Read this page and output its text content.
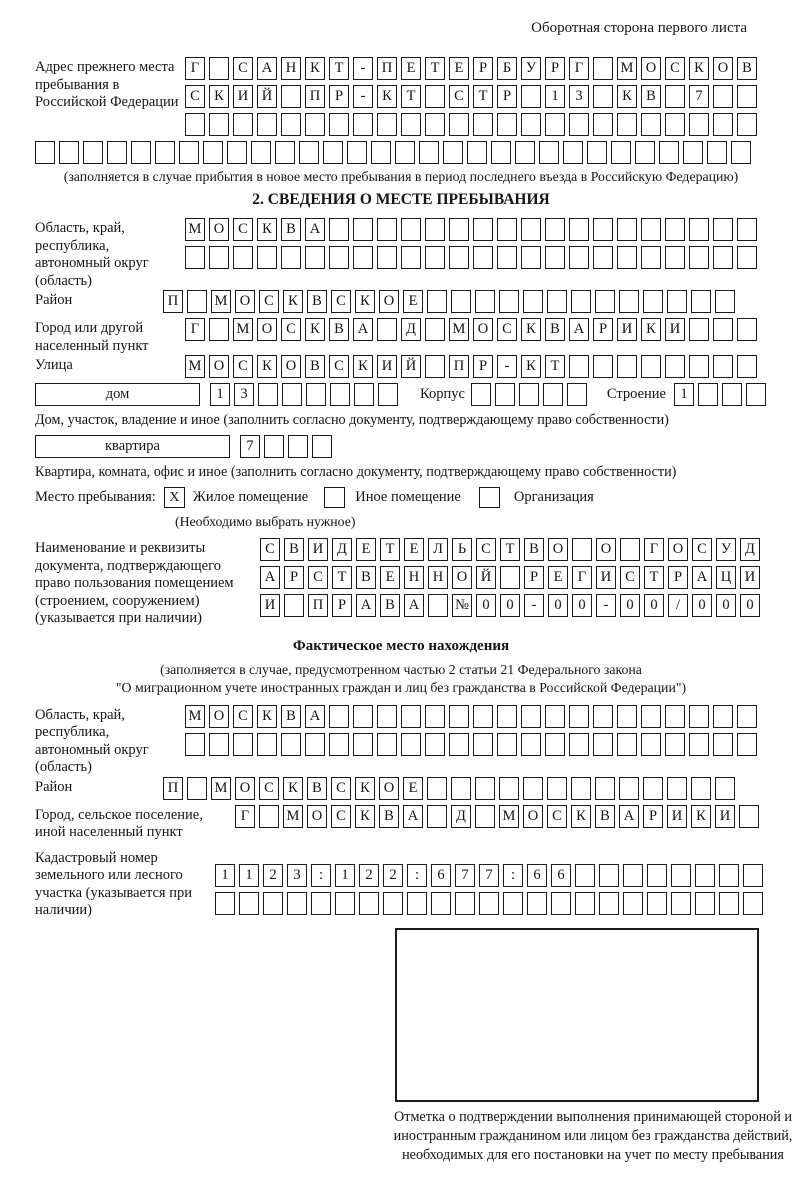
Оборотная сторона первого листа
Адрес прежнего места пребывания в Российской Федерации
Г	С А Н К	Т	-	П Е	Т	Е	Р	Б	У	Р	Г	М О С К О В
С К И Й	П	Р	-	К	Т	С	Т	Р	1	3	К В	7
(заполняется в случае прибытия в новое место пребывания в период последнего въезда в Российскую Федерацию)
2. СВЕДЕНИЯ О МЕСТЕ ПРЕБЫВАНИЯ
Область, край, республика, автономный округ (область)
М О С К В А
Район	П	М О С К В С К О Е
Город или другой населенный пункт
Г	М О С К В А	Д	М О С К В А	Р	И К И
Улица	М О С К О В С К И Й	П	Р	-	К	Т
дом	1	3	Корпус	Строение 1
Дом, участок, владение и иное (заполнить согласно документу, подтверждающему право собственности)
квартира	7
Квартира, комната, офис и иное (заполнить согласно документу, подтверждающему право собственности)
Место пребывания: X Жилое помещение	Иное помещение	Организация
(Необходимо выбрать нужное)
Наименование и реквизиты документа, подтверждающего право пользования помещением (строением, сооружением) (указывается при наличии)
С В И Д	Е	Т	Е	Л	Ь	С	Т	В О	О	Г	О С У Д
А	Р	С	Т	В	Е Н Н О Й	Р	Е	Г	И С	Т	Р	А Ц И
И	П	Р	А В А	№ 0	0	-	0	0	-	0	0	/	0	0	0
Фактическое место нахождения
(заполняется в случае, предусмотренном частью 2 статьи 21 Федерального закона
"О миграционном учете иностранных граждан и лиц без гражданства в Российской Федерации")
Область, край, республика, автономный округ (область)
М О С К В А
Район	П	М О С К В С К О Е
Город, сельское поселение, иной населенный пункт
Г	М О С К В А	Д	М О С К В А	Р	И К И
Кадастровый номер земельного или лесного участка (указывается при наличии)
1	1	2	3	:	1	2	2	:	6	7	7	:	6	6
Отметка о подтверждении выполнения принимающей стороной и иностранным гражданином или лицом без гражданства действий, необходимых для его постановки на учет по месту пребывания
